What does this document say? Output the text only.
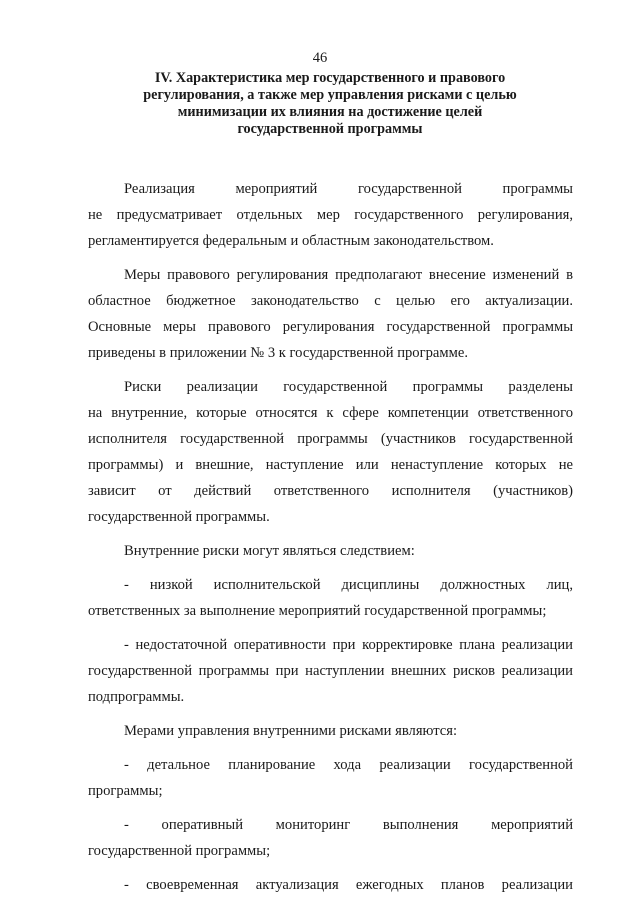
46
IV. Характеристика мер государственного и правового
регулирования, а также мер управления рисками с целью
минимизации их влияния на достижение целей
государственной программы

Реализация мероприятий государственной программы
не предусматривает отдельных мер государственного регулирования,
регламентируется федеральным и областным законодательством.

Меры правового регулирования предполагают внесение изменений в
областное бюджетное законодательство с целью его актуализации.
Основные меры правового регулирования государственной программы
приведены в приложении № 3 к государственной программе.

Риски реализации государственной программы разделены
на внутренние, которые относятся к сфере компетенции ответственного
исполнителя государственной программы (участников государственной
программы) и внешние, наступление или ненаступление которых не
зависит от действий ответственного исполнителя (участников)
государственной программы.

Внутренние риски могут являться следствием:

- низкой исполнительской дисциплины должностных лиц,
ответственных за выполнение мероприятий государственной программы;

- недостаточной оперативности при корректировке плана реализации
государственной программы при наступлении внешних рисков реализации
подпрограммы.

Мерами управления внутренними рисками являются:

- детальное планирование хода реализации государственной
программы;

- оперативный мониторинг выполнения мероприятий
государственной программы;

- своевременная актуализация ежегодных планов реализации
